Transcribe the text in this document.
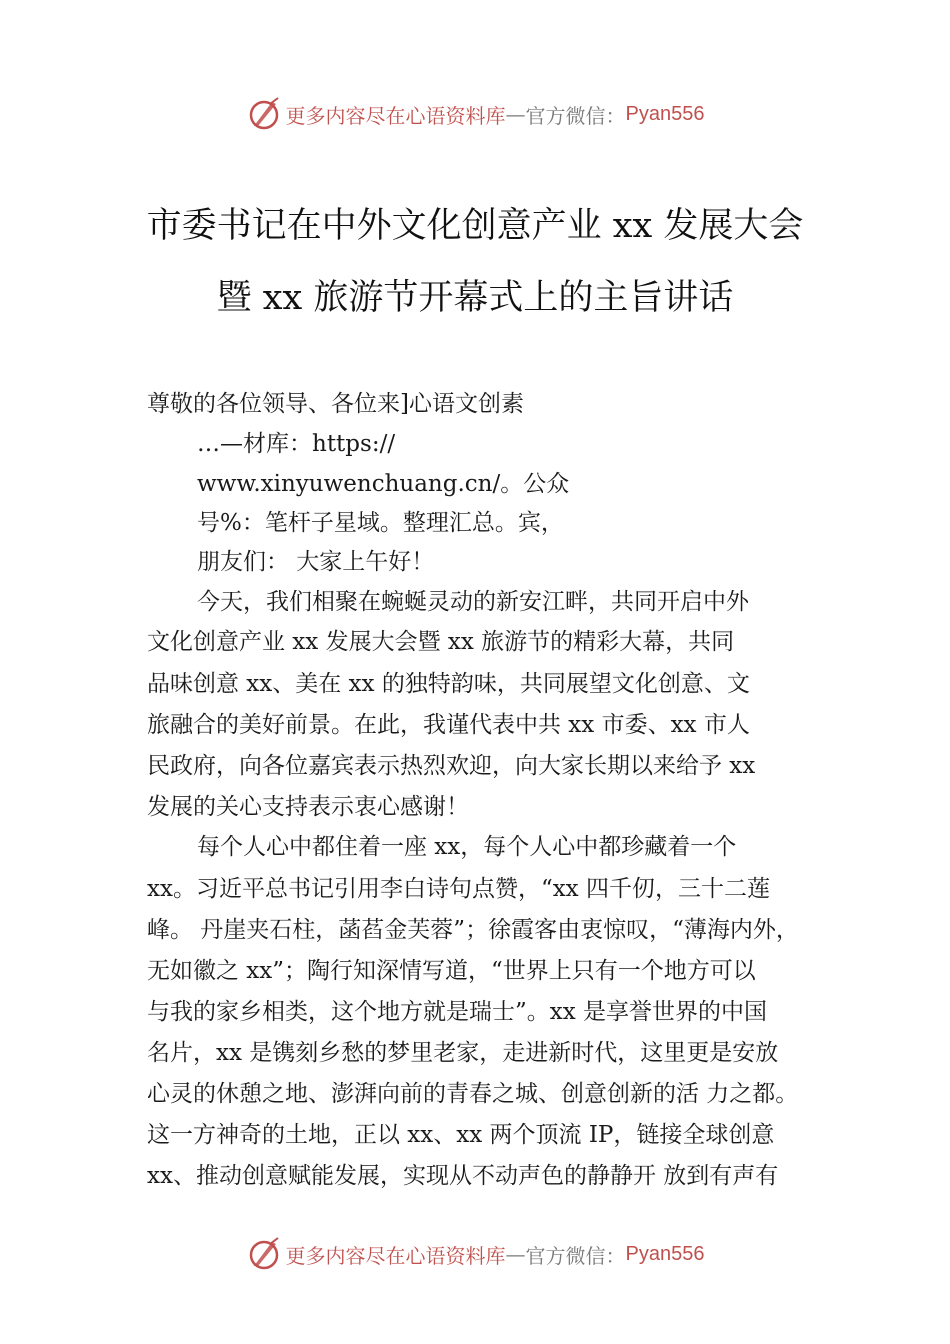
更多内容尽在心语资料库 — 官方微信： Pyan556
市委书记在中外文化创意产业 xx 发展大会
暨 xx 旅游节开幕式上的主旨讲话

尊敬的各位领导、各位来]心语文创素

…—材库：https://

www.xinyuwenchuang.cn/。公众

号%：笔杆子星域。整理汇总。宾，

朋友们： 大家上午好！

今天，我们相聚在蜿蜒灵动的新安江畔，共同开启中外

文化创意产业 xx 发展大会暨 xx 旅游节的精彩大幕，共同

品味创意 xx、美在 xx 的独特韵味，共同展望文化创意、文

旅融合的美好前景。在此，我谨代表中共 xx 市委、xx 市人

民政府，向各位嘉宾表示热烈欢迎，向大家长期以来给予 xx

发展的关心支持表示衷心感谢！

每个人心中都住着一座 xx，每个人心中都珍藏着一个

xx。习近平总书记引用李白诗句点赞，“xx 四千仞，三十二莲

峰。 丹崖夹石柱，菡萏金芙蓉”；徐霞客由衷惊叹，“薄海内外，

无如徽之 xx”；陶行知深情写道，“世界上只有一个地方可以

与我的家乡相类，这个地方就是瑞士”。xx 是享誉世界的中国

名片，xx 是镌刻乡愁的梦里老家，走进新时代，这里更是安放

心灵的休憩之地、澎湃向前的青春之城、创意创新的活 力之都。

这一方神奇的土地，正以 xx、xx 两个顶流 IP，链接全球创意

xx、推动创意赋能发展，实现从不动声色的静静开 放到有声有

更多内容尽在心语资料库 — 官方微信： Pyan556
